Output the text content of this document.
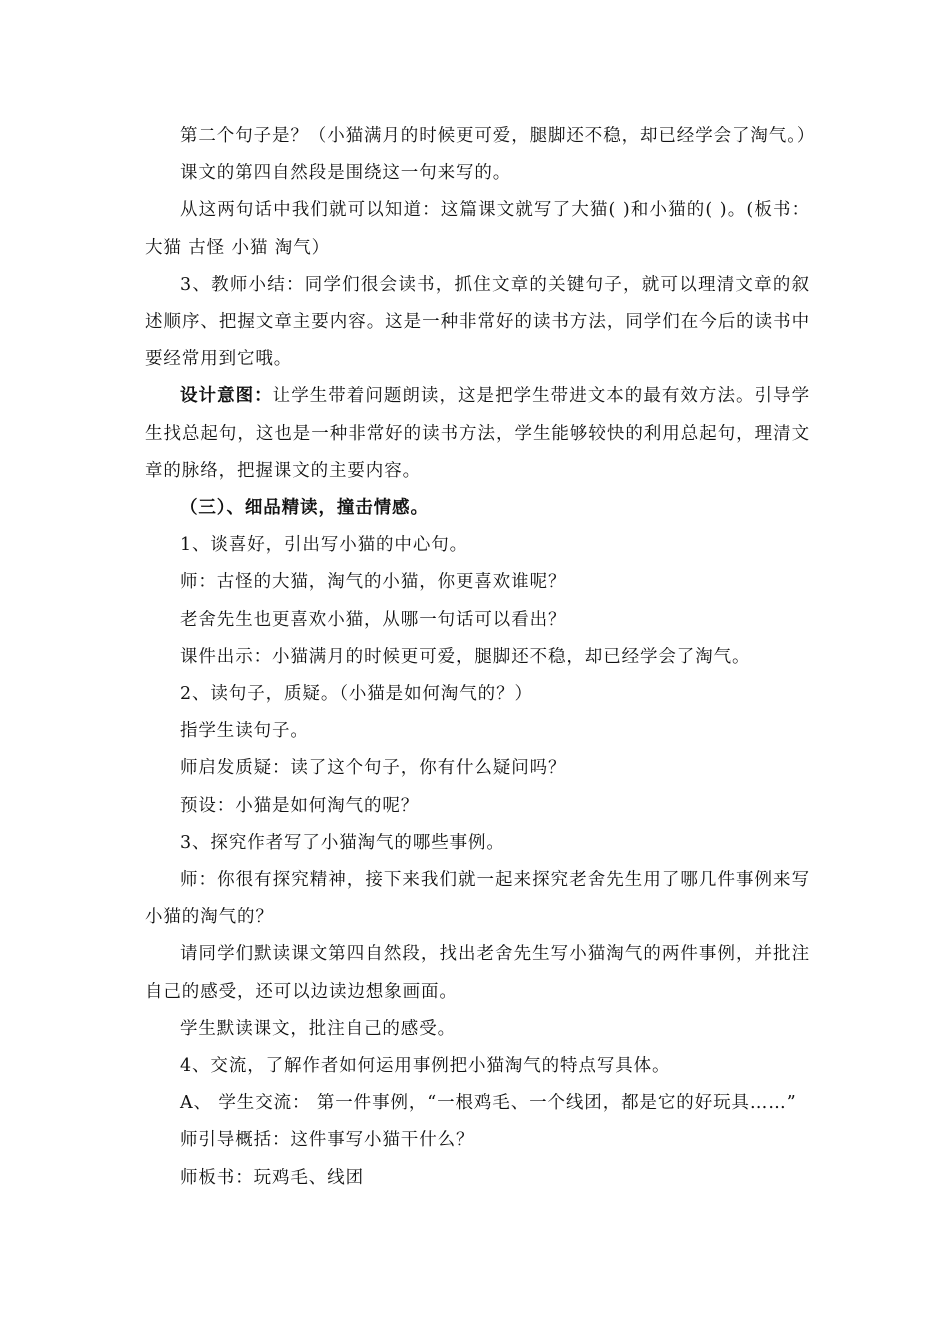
第二个句子是？（小猫满月的时候更可爱，腿脚还不稳，却已经学会了淘气。）

课文的第四自然段是围绕这一句来写的。

从这两句话中我们就可以知道：这篇课文就写了大猫( )和小猫的( )。(板书：大猫 古怪 小猫 淘气）

3、教师小结：同学们很会读书，抓住文章的关键句子，就可以理清文章的叙述顺序、把握文章主要内容。这是一种非常好的读书方法，同学们在今后的读书中要经常用到它哦。

设计意图：让学生带着问题朗读，这是把学生带进文本的最有效方法。引导学生找总起句，这也是一种非常好的读书方法，学生能够较快的利用总起句，理清文章的脉络，把握课文的主要内容。

（三）、细品精读，撞击情感。

1、谈喜好，引出写小猫的中心句。

师：古怪的大猫，淘气的小猫，你更喜欢谁呢？

老舍先生也更喜欢小猫，从哪一句话可以看出？

课件出示：小猫满月的时候更可爱，腿脚还不稳，却已经学会了淘气。

2、读句子，质疑。（小猫是如何淘气的？）

指学生读句子。

师启发质疑：读了这个句子，你有什么疑问吗？

预设：小猫是如何淘气的呢？

3、探究作者写了小猫淘气的哪些事例。

师：你很有探究精神，接下来我们就一起来探究老舍先生用了哪几件事例来写小猫的淘气的？

请同学们默读课文第四自然段，找出老舍先生写小猫淘气的两件事例，并批注自己的感受，还可以边读边想象画面。

学生默读课文，批注自己的感受。

4、交流，了解作者如何运用事例把小猫淘气的特点写具体。

A、 学生交流： 第一件事例，“一根鸡毛、一个线团，都是它的好玩具……”

师引导概括：这件事写小猫干什么？

师板书：玩鸡毛、线团
